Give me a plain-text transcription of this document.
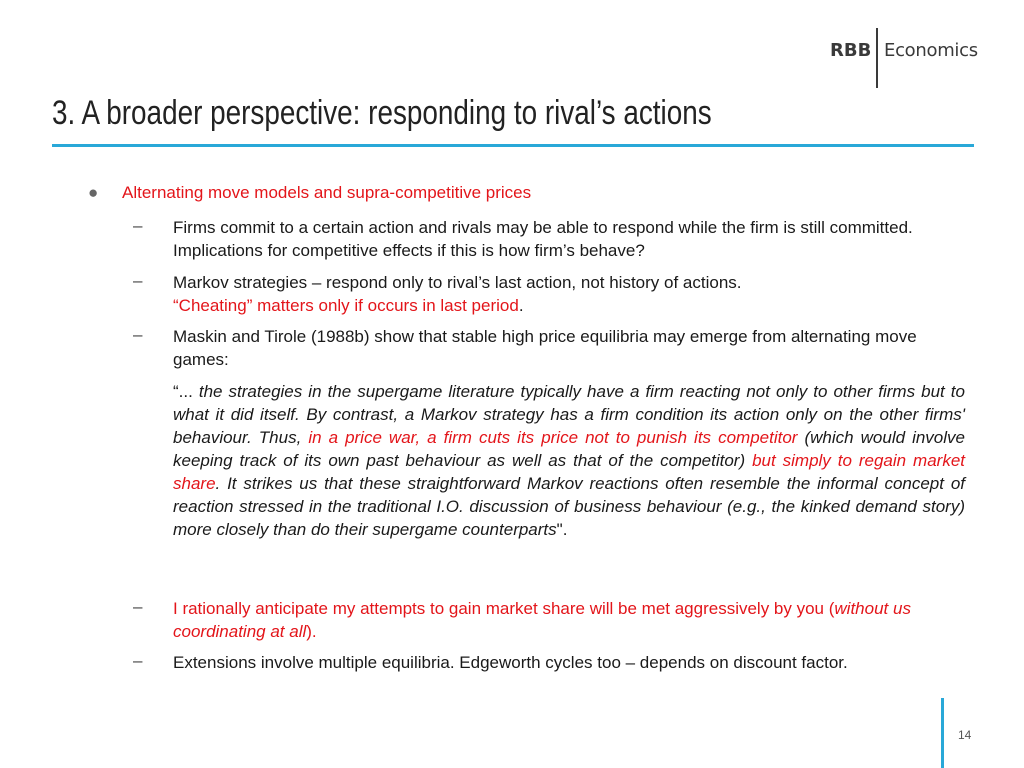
RBB Economics
3. A broader perspective: responding to rival’s actions
● Alternating move models and supra-competitive prices
– Firms commit to a certain action and rivals may be able to respond while the firm is still committed. Implications for competitive effects if this is how firm’s behave?
– Markov strategies – respond only to rival’s last action, not history of actions.
“Cheating” matters only if occurs in last period.
– Maskin and Tirole (1988b) show that stable high price equilibria may emerge from alternating move games:
“... the strategies in the supergame literature typically have a firm reacting not only to other firms but to what it did itself. By contrast, a Markov strategy has a firm condition its action only on the other firms' behaviour. Thus, in a price war, a firm cuts its price not to punish its competitor (which would involve keeping track of its own past behaviour as well as that of the competitor) but simply to regain market share. It strikes us that these straightforward Markov reactions often resemble the informal concept of reaction stressed in the traditional I.O. discussion of business behaviour (e.g., the kinked demand story) more closely than do their supergame counterparts".
– I rationally anticipate my attempts to gain market share will be met aggressively by you (without us coordinating at all).
– Extensions involve multiple equilibria. Edgeworth cycles too – depends on discount factor.
14
